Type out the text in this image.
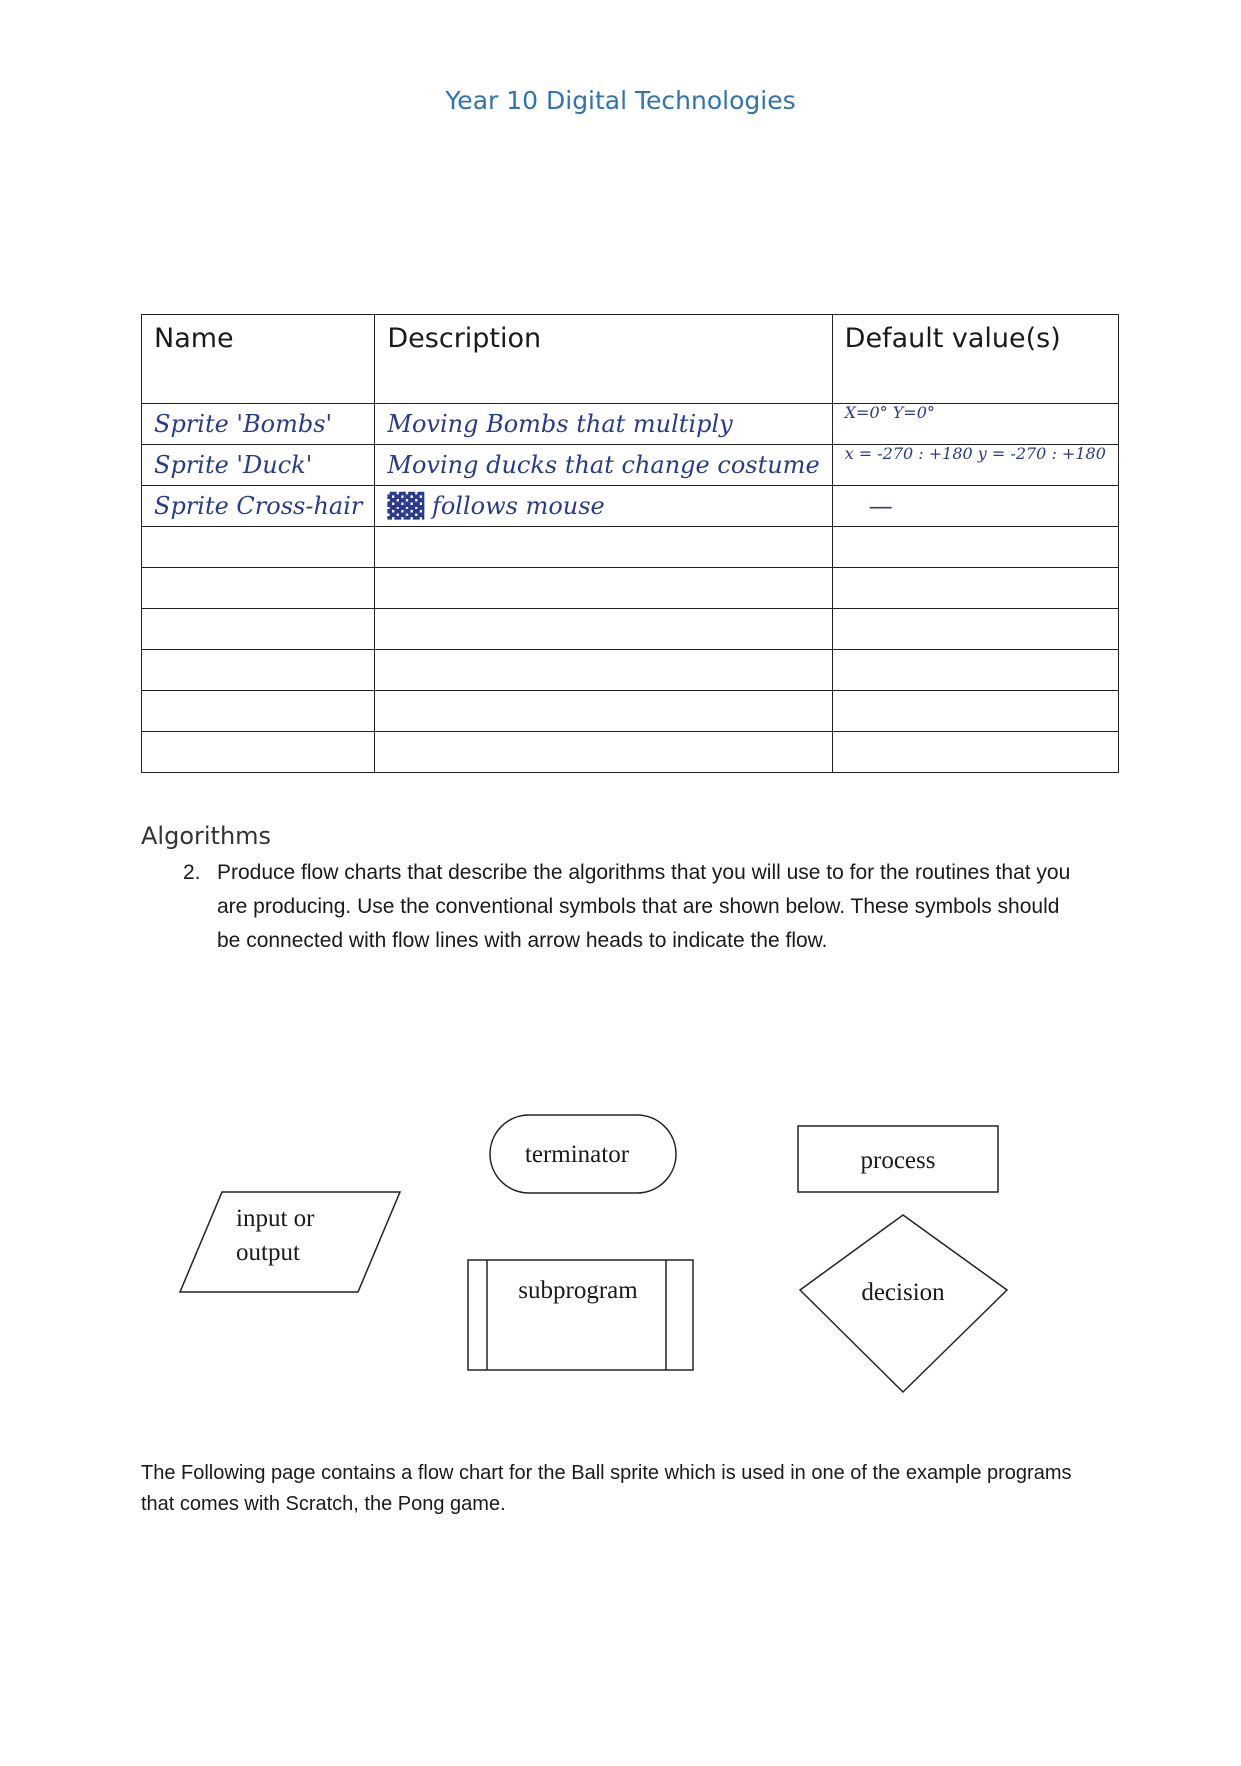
Year 10 Digital Technologies
Name	Description	Default value(s)
Sprite 'Bombs'	Moving Bombs that multiply	X=0° Y=0°
Sprite 'Duck'	Moving ducks that change costume	x = -270 : +180 y = -270 : +180
Sprite Cross-hair	▓▓ follows mouse	—

Algorithms
2. Produce flow charts that describe the algorithms that you will use to for the routines that you are producing. Use the conventional symbols that are shown below. These symbols should be connected with flow lines with arrow heads to indicate the flow.
terminator	process
input or
output
subprogram	decision
The Following page contains a flow chart for the Ball sprite which is used in one of the example programs that comes with Scratch, the Pong game.
